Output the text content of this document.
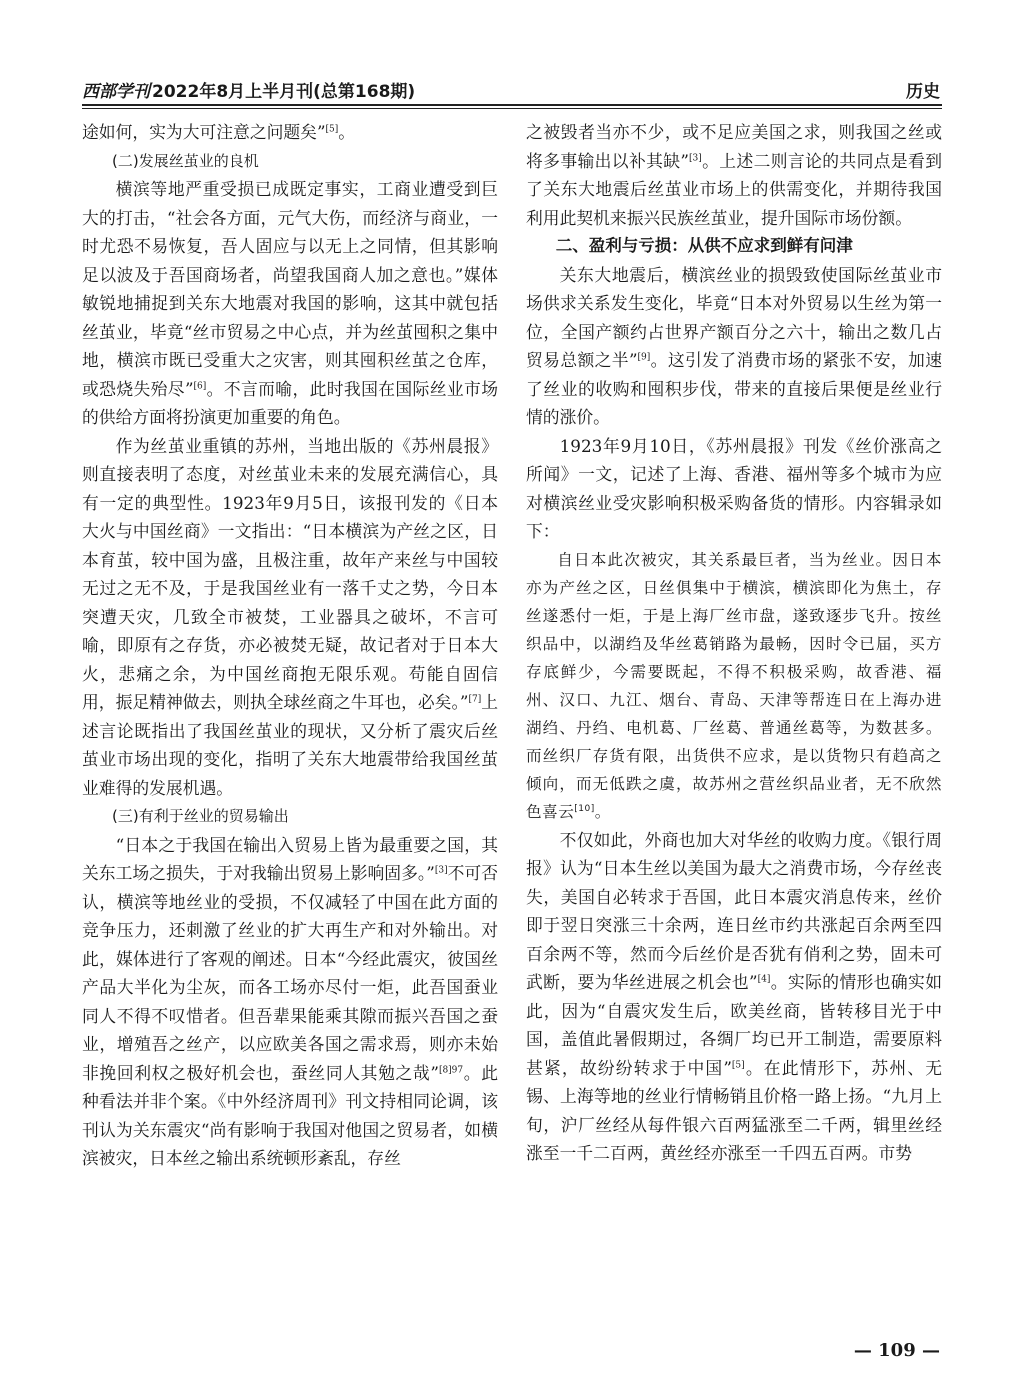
西部学刊 2022年8月上半月刊(总第168期)	历史

途如何，实为大可注意之问题矣”[5]。

(二)发展丝茧业的良机

横滨等地严重受损已成既定事实，工商业遭受到巨大的打击，“社会各方面，元气大伤，而经济与商业，一时尤恐不易恢复，吾人固应与以无上之同情，但其影响足以波及于吾国商场者，尚望我国商人加之意也。”媒体敏锐地捕捉到关东大地震对我国的影响，这其中就包括丝茧业，毕竟“丝市贸易之中心点，并为丝茧囤积之集中地，横滨市既已受重大之灾害，则其囤积丝茧之仓库，或恐烧失殆尽”[6]。不言而喻，此时我国在国际丝业市场的供给方面将扮演更加重要的角色。

作为丝茧业重镇的苏州，当地出版的《苏州晨报》则直接表明了态度，对丝茧业未来的发展充满信心，具有一定的典型性。1923年9月5日，该报刊发的《日本大火与中国丝商》一文指出：“日本横滨为产丝之区，日本育茧，较中国为盛，且极注重，故年产来丝与中国较无过之无不及，于是我国丝业有一落千丈之势，今日本突遭天灾，几致全市被焚，工业器具之破坏，不言可喻，即原有之存货，亦必被焚无疑，故记者对于日本大火，悲痛之余，为中国丝商抱无限乐观。苟能自固信用，振足精神做去，则执全球丝商之牛耳也，必矣。”[7]上述言论既指出了我国丝茧业的现状，又分析了震灾后丝茧业市场出现的变化，指明了关东大地震带给我国丝茧业难得的发展机遇。

(三)有利于丝业的贸易输出

“日本之于我国在输出入贸易上皆为最重要之国，其关东工场之损失，于对我输出贸易上影响固多。”[3]不可否认，横滨等地丝业的受损，不仅减轻了中国在此方面的竞争压力，还刺激了丝业的扩大再生产和对外输出。对此，媒体进行了客观的阐述。日本“今经此震灾，彼国丝产品大半化为尘灰，而各工场亦尽付一炬，此吾国蚕业同人不得不叹惜者。但吾辈果能乘其隙而振兴吾国之蚕业，增殖吾之丝产，以应欧美各国之需求焉，则亦未始非挽回利权之极好机会也，蚕丝同人其勉之哉”$^{[8]97}$。此种看法并非个案。《中外经济周刊》刊文持相同论调，该刊认为关东震灾“尚有影响于我国对他国之贸易者，如横滨被灾，日本丝之输出系统顿形紊乱，存丝

之被毁者当亦不少，或不足应美国之求，则我国之丝或将多事输出以补其缺”[3]。上述二则言论的共同点是看到了关东大地震后丝茧业市场上的供需变化，并期待我国利用此契机来振兴民族丝茧业，提升国际市场份额。

二、盈利与亏损：从供不应求到鲜有问津

关东大地震后，横滨丝业的损毁致使国际丝茧业市场供求关系发生变化，毕竟“日本对外贸易以生丝为第一位，全国产额约占世界产额百分之六十，输出之数几占贸易总额之半”[9]。这引发了消费市场的紧张不安，加速了丝业的收购和囤积步伐，带来的直接后果便是丝业行情的涨价。

1923年9月10日，《苏州晨报》刊发《丝价涨高之所闻》一文，记述了上海、香港、福州等多个城市为应对横滨丝业受灾影响积极采购备货的情形。内容辑录如下：

自日本此次被灾，其关系最巨者，当为丝业。因日本亦为产丝之区，日丝俱集中于横滨，横滨即化为焦土，存丝遂悉付一炬，于是上海厂丝市盘，遂致逐步飞升。按丝织品中，以湖绉及华丝葛销路为最畅，因时令已届，买方存底鲜少，今需要既起，不得不积极采购，故香港、福州、汉口、九江、烟台、青岛、天津等帮连日在上海办进湖绉、丹绉、电机葛、厂丝葛、普通丝葛等，为数甚多。而丝织厂存货有限，出货供不应求，是以货物只有趋高之倾向，而无低跌之虞，故苏州之营丝织品业者，无不欣然色喜云[10]。

不仅如此，外商也加大对华丝的收购力度。《银行周报》认为“日本生丝以美国为最大之消费市场，今存丝丧失，美国自必转求于吾国，此日本震灾消息传来，丝价即于翌日突涨三十余两，连日丝市约共涨起百余两至四百余两不等，然而今后丝价是否犹有俏利之势，固未可武断，要为华丝进展之机会也”[4]。实际的情形也确实如此，因为“自震灾发生后，欧美丝商，皆转移目光于中国，盖值此暑假期过，各绸厂均已开工制造，需要原料甚紧，故纷纷转求于中国”[5]。在此情形下，苏州、无锡、上海等地的丝业行情畅销且价格一路上扬。“九月上旬，沪厂丝经从每件银六百两猛涨至二千两，辑里丝经涨至一千二百两，黄丝经亦涨至一千四五百两。市势

— 109 —
